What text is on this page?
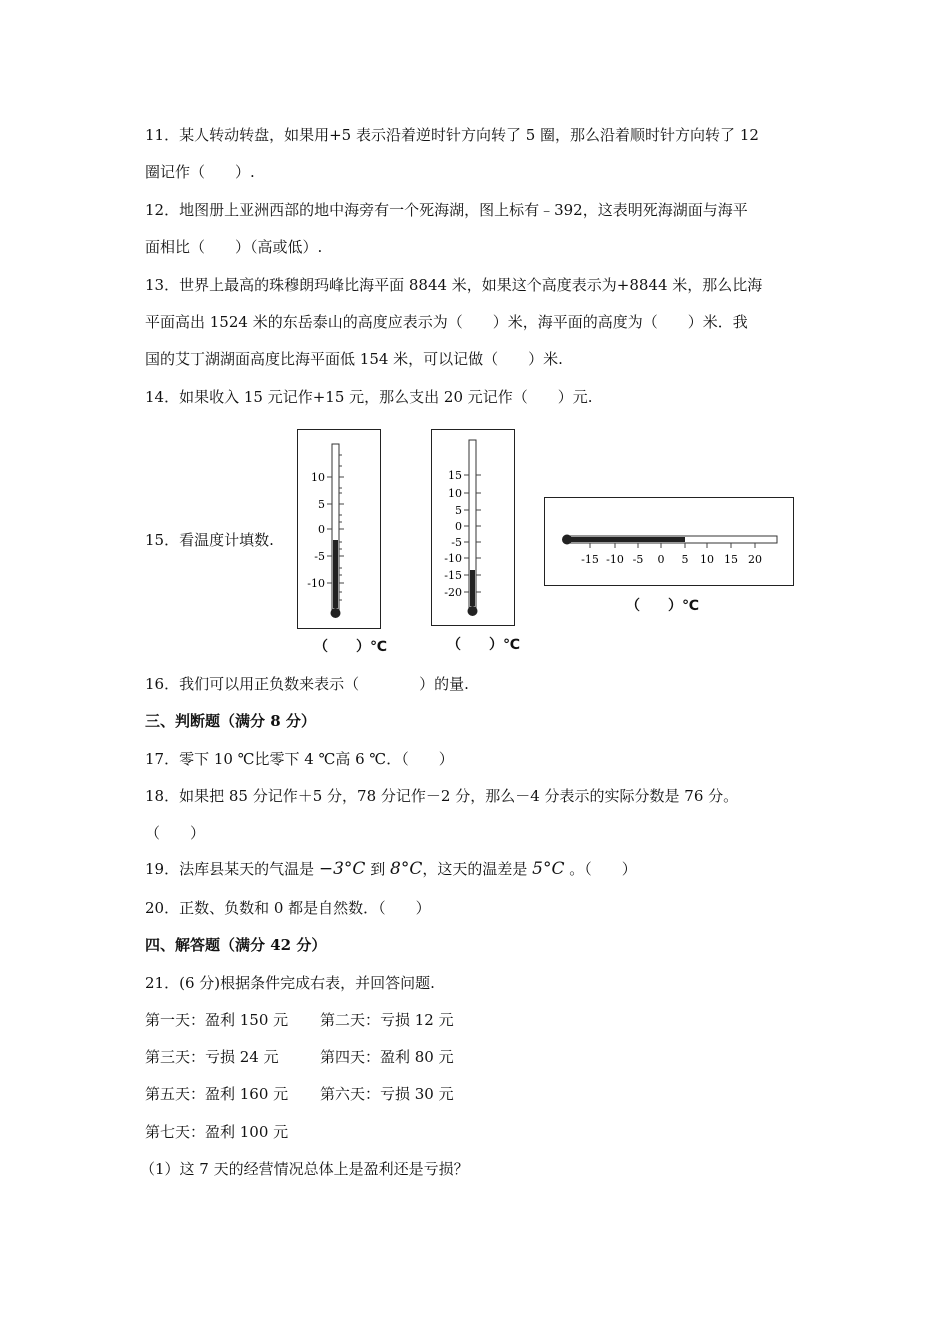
11．某人转动转盘，如果用+5 表示沿着逆时针方向转了 5 圈，那么沿着顺时针方向转了 12
圈记作（　　）.
12．地图册上亚洲西部的地中海旁有一个死海湖，图上标有﹣392，这表明死海湖面与海平
面相比（　　）（高或低）.
13．世界上最高的珠穆朗玛峰比海平面 8844 米，如果这个高度表示为+8844 米，那么比海
平面高出 1524 米的东岳泰山的高度应表示为（　　）米，海平面的高度为（　　）米．我
国的艾丁湖湖面高度比海平面低 154 米，可以记做（　　）米.
14．如果收入 15 元记作+15 元，那么支出 20 元记作（　　）元.
15．看温度计填数.
10
5
0
-5
-10
（　　）℃
15
10
5
0
-5
-10
-15
-20
（　　）℃
-15 -10 -5 0 5 10 15 20
（　　）℃
16．我们可以用正负数来表示（　　　　）的量.
三、判断题（满分 8 分）
17．零下 10 ℃比零下 4 ℃高 6 ℃．（　　）
18．如果把 85 分记作＋5 分，78 分记作－2 分，那么－4 分表示的实际分数是 76 分。
（　　）
19．法库县某天的气温是 −3°C 到 8°C，这天的温差是 5°C 。（　　）
20．正数、负数和 0 都是自然数．（　　）
四、解答题（满分 42 分）
21．(6 分)根据条件完成右表，并回答问题.
第一天：盈利 150 元 第二天：亏损 12 元
第三天：亏损 24 元	第四天：盈利 80 元
第五天：盈利 160 元 第六天：亏损 30 元
第七天：盈利 100 元
（1）这 7 天的经营情况总体上是盈利还是亏损？
